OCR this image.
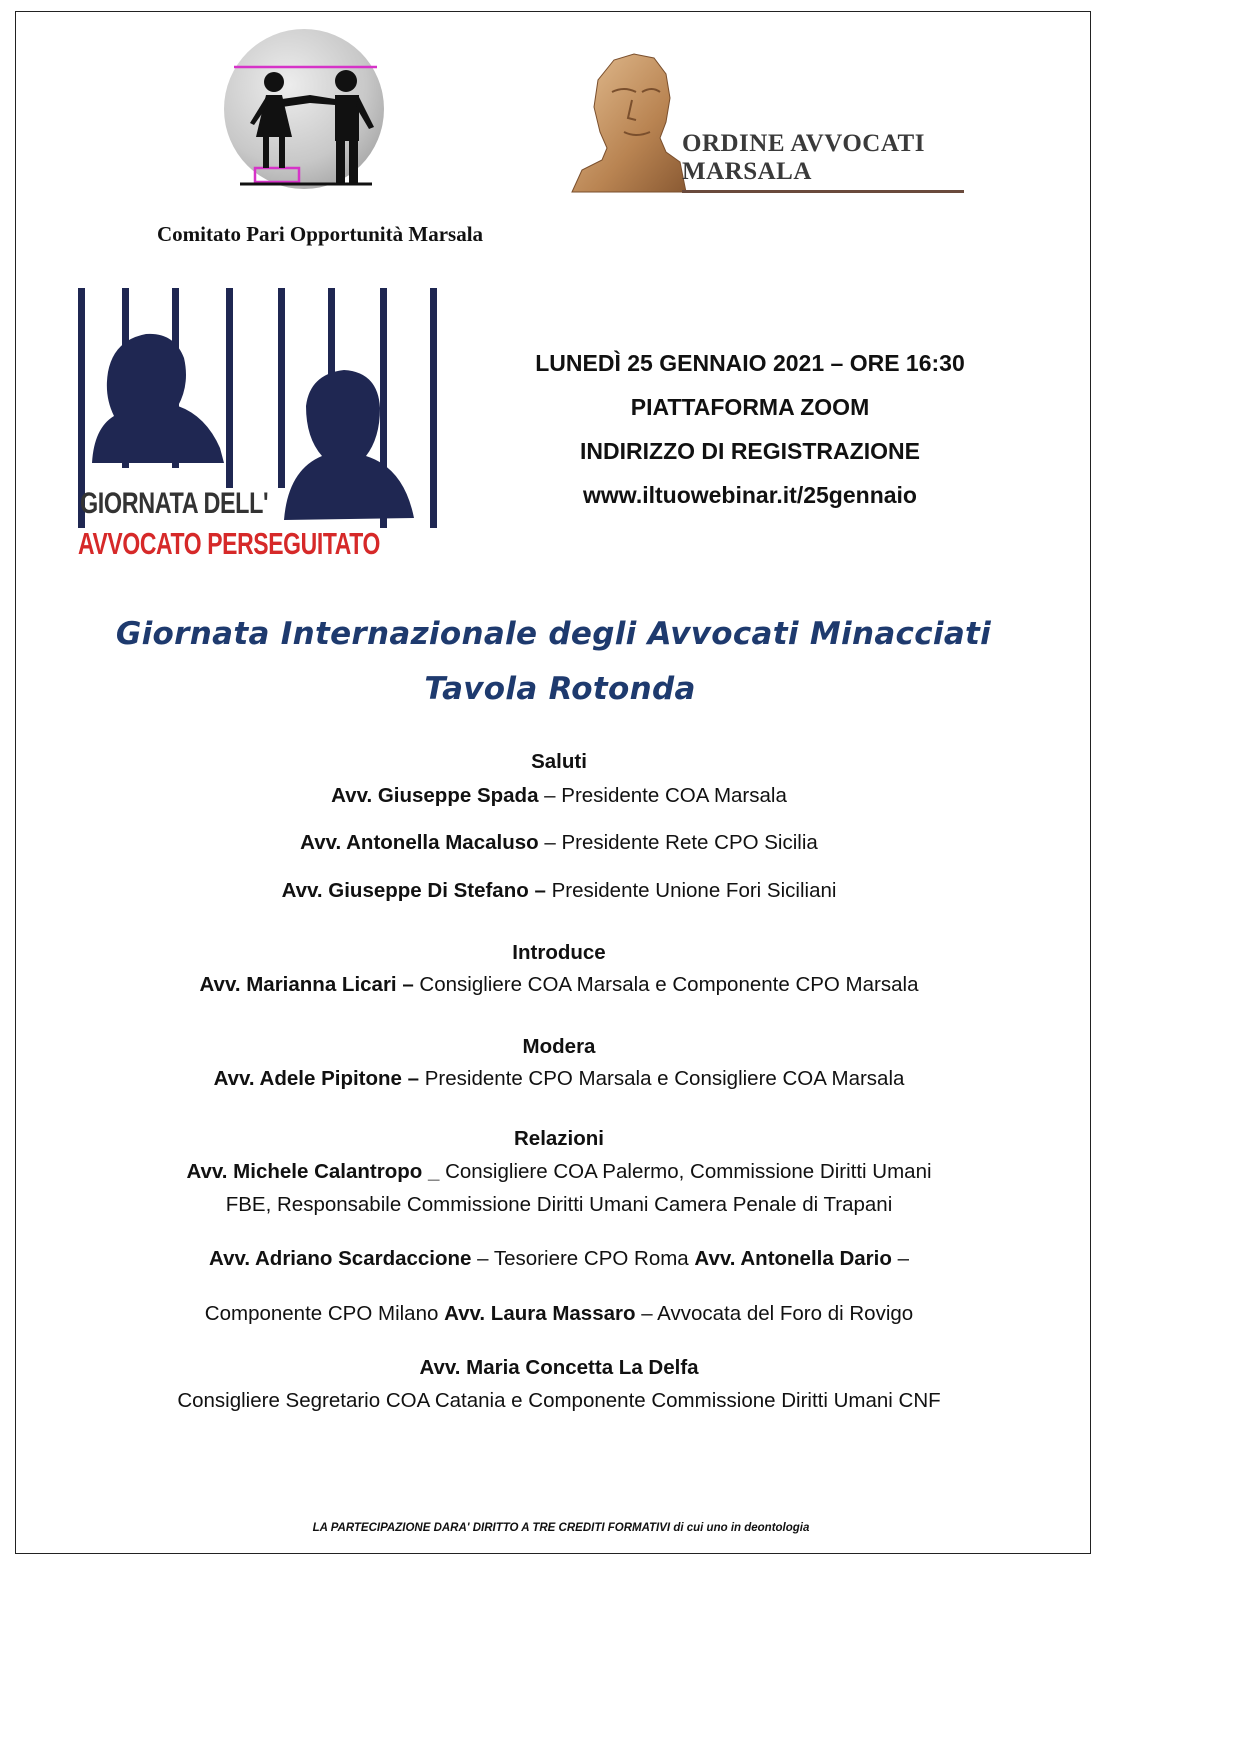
Comitato Pari Opportunità Marsala
ORDINE AVVOCATI
MARSALA
GIORNATA DELL'
AVVOCATO PERSEGUITATO
LUNEDÌ 25 GENNAIO 2021 – ORE 16:30
PIATTAFORMA ZOOM
INDIRIZZO DI REGISTRAZIONE
www.iltuowebinar.it/25gennaio
Giornata Internazionale degli Avvocati Minacciati
Tavola Rotonda
Saluti
Avv. Giuseppe Spada – Presidente COA Marsala
Avv. Antonella Macaluso – Presidente Rete CPO Sicilia
Avv. Giuseppe Di Stefano – Presidente Unione Fori Siciliani
Introduce
Avv. Marianna Licari – Consigliere COA Marsala e Componente CPO Marsala
Modera
Avv. Adele Pipitone – Presidente CPO Marsala e Consigliere COA Marsala
Relazioni
Avv. Michele Calantropo _ Consigliere COA Palermo, Commissione Diritti Umani
FBE, Responsabile Commissione Diritti Umani Camera Penale di Trapani
Avv. Adriano Scardaccione – Tesoriere CPO Roma Avv. Antonella Dario –
Componente CPO Milano Avv. Laura Massaro – Avvocata del Foro di Rovigo
Avv. Maria Concetta La Delfa
Consigliere Segretario COA Catania e Componente Commissione Diritti Umani CNF
LA PARTECIPAZIONE DARA' DIRITTO A TRE CREDITI FORMATIVI di cui uno in deontologia
